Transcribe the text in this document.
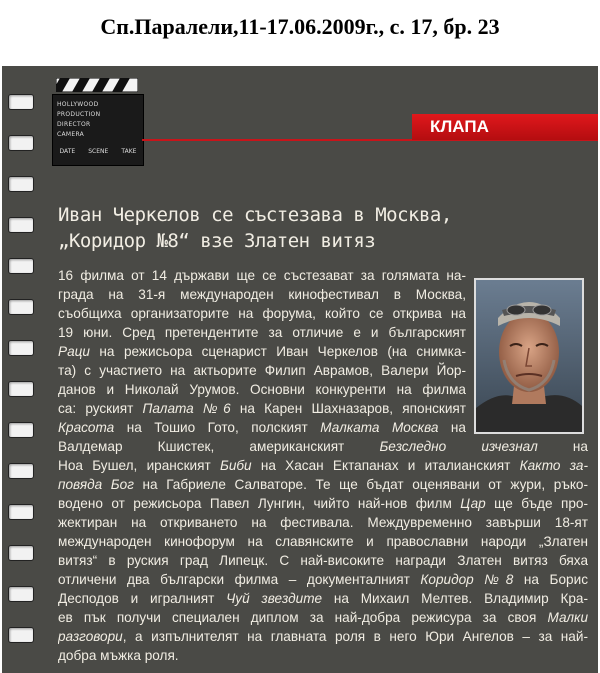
Сп.Паралели,11-17.06.2009г., с. 17, бр. 23
HOLLYWOOD
PRODUCTION
DIRECTOR
CAMERA
DATE SCENE TAKE
КЛАПА
Иван Черкелов се състезава в Москва,
„Коридор №8“ взе Златен витяз
16 филма от 14 държави ще се състезават за голямата на-
града на 31-я международен кинофестивал в Москва,
съобщиха организаторите на форума, който се открива на
19 юни. Сред претендентите за отличие е и българският
Раци на режисьора сценарист Иван Черкелов (на снимка-
та) с участието на актьорите Филип Аврамов, Валери Йор-
данов и Николай Урумов. Основни конкуренти на филма
са: руският Палата №6 на Карен Шахназаров, японският
Красота на Тошио Гото, полският Малката Москва на
Валдемар Кшистек, американският Безследно изчезнал на
Ноа Бушел, иранският Биби на Хасан Ектапанах и италианският Както за-
повяда Бог на Габриеле Салваторе. Те ще бъдат оценявани от жури, ръко-
водено от режисьора Павел Лунгин, чийто най-нов филм Цар ще бъде про-
жектиран на откриването на фестивала. Междувременно завърши 18-ят
международен кинофорум на славянските и православни народи „Златен
витяз“ в руския град Липецк. С най-високите награди Златен витяз бяха
отличени два български филма – документалният Коридор №8 на Борис
Десподов и игралният Чуй звездите на Михаил Мелтев. Владимир Кра-
ев пък получи специален диплом за най-добра режисура за своя Малки
разговори, а изпълнителят на главната роля в него Юри Ангелов – за най-
добра мъжка роля.
